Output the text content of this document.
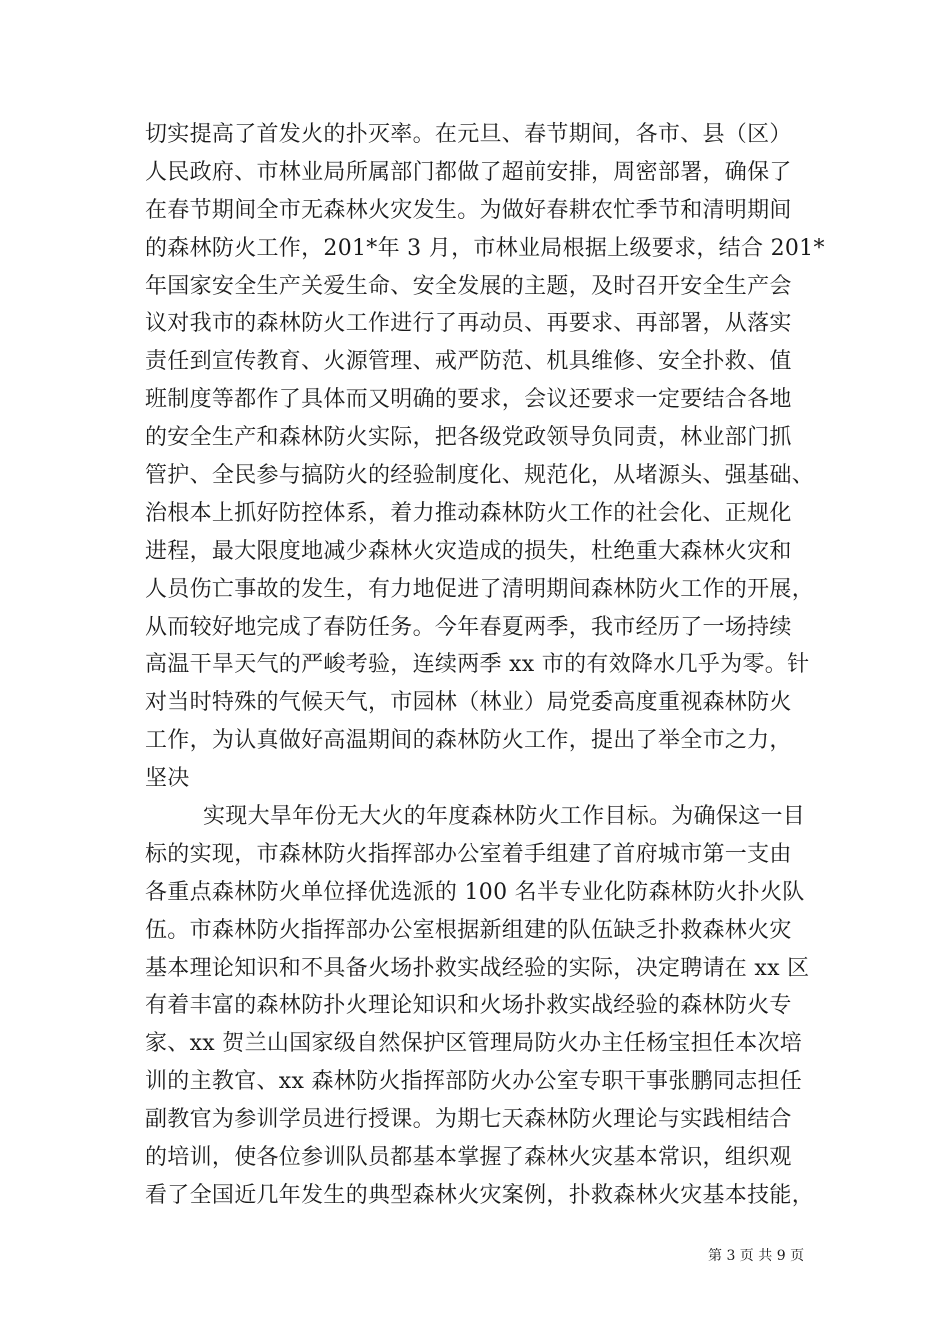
切实提高了首发火的扑灭率。在元旦、春节期间，各市、县（区）
人民政府、市林业局所属部门都做了超前安排，周密部署，确保了
在春节期间全市无森林火灾发生。为做好春耕农忙季节和清明期间
的森林防火工作，201*年 3 月，市林业局根据上级要求，结合 201*
年国家安全生产关爱生命、安全发展的主题，及时召开安全生产会
议对我市的森林防火工作进行了再动员、再要求、再部署，从落实
责任到宣传教育、火源管理、戒严防范、机具维修、安全扑救、值
班制度等都作了具体而又明确的要求，会议还要求一定要结合各地
的安全生产和森林防火实际，把各级党政领导负同责，林业部门抓
管护、全民参与搞防火的经验制度化、规范化，从堵源头、强基础、
治根本上抓好防控体系，着力推动森林防火工作的社会化、正规化
进程，最大限度地减少森林火灾造成的损失，杜绝重大森林火灾和
人员伤亡事故的发生，有力地促进了清明期间森林防火工作的开展，
从而较好地完成了春防任务。今年春夏两季，我市经历了一场持续
高温干旱天气的严峻考验，连续两季 xx 市的有效降水几乎为零。针
对当时特殊的气候天气，市园林（林业）局党委高度重视森林防火
工作，为认真做好高温期间的森林防火工作，提出了举全市之力，
坚决
实现大旱年份无大火的年度森林防火工作目标。为确保这一目
标的实现，市森林防火指挥部办公室着手组建了首府城市第一支由
各重点森林防火单位择优选派的 100 名半专业化防森林防火扑火队
伍。市森林防火指挥部办公室根据新组建的队伍缺乏扑救森林火灾
基本理论知识和不具备火场扑救实战经验的实际，决定聘请在 xx 区
有着丰富的森林防扑火理论知识和火场扑救实战经验的森林防火专
家、xx 贺兰山国家级自然保护区管理局防火办主任杨宝担任本次培
训的主教官、xx 森林防火指挥部防火办公室专职干事张鹏同志担任
副教官为参训学员进行授课。为期七天森林防火理论与实践相结合
的培训，使各位参训队员都基本掌握了森林火灾基本常识，组织观
看了全国近几年发生的典型森林火灾案例，扑救森林火灾基本技能，
第 3 页 共 9 页
